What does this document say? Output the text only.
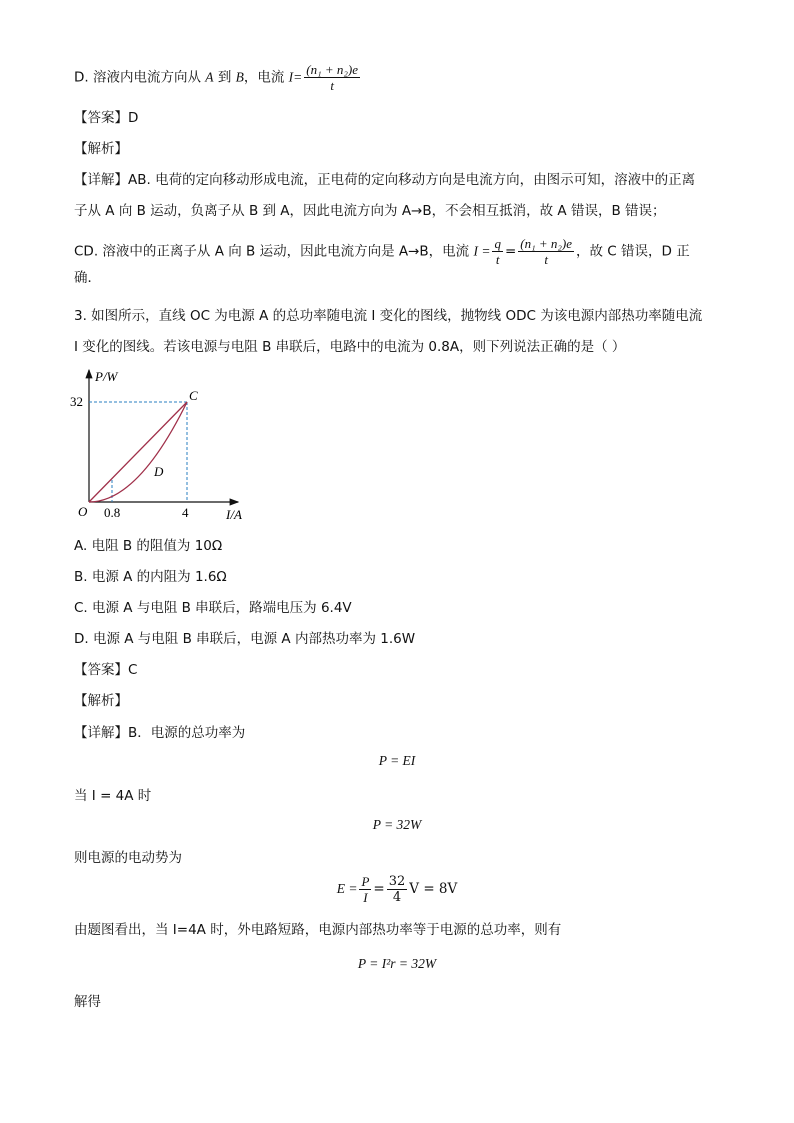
D. 溶液内电流方向从 A 到 B，电流 $I= \frac{\text{(n₁ + n₂)e}}{t}$
【答案】D
【解析】
【详解】AB. 电荷的定向移动形成电流，正电荷的定向移动方向是电流方向，由图示可知，溶液中的正离
子从 A 向 B 运动，负离子从 B 到 A，因此电流方向为 A→B，不会相互抵消，故 A 错误，B 错误；
CD. 溶液中的正离子从 A 向 B 运动，因此电流方向是 A→B，电流 $I = \frac{q}{t} = \frac{\text{(n₁ + n₂)e}}{t}$ ，故 C 错误，D 正
确．
3. 如图所示，直线 OC 为电源 A 的总功率随电流 I 变化的图线，抛物线 ODC 为该电源内部热功率随电流
I 变化的图线。若该电源与电阻 B 串联后，电路中的电流为 0.8A，则下列说法正确的是（ ）
P/W
I/A
O
32
0.8	4
C
D
A. 电阻 B 的阻值为 10Ω
B. 电源 A 的内阻为 1.6Ω
C. 电源 A 与电阻 B 串联后，路端电压为 6.4V
D. 电源 A 与电阻 B 串联后，电源 A 内部热功率为 1.6W
【答案】C
【解析】
【详解】B．电源的总功率为
P = EI
当 I = 4A 时
P = 32W
则电源的电动势为
$E = \frac{P}{I} = \frac{32}{4}$ V = 8V
由题图看出，当 I=4A 时，外电路短路，电源内部热功率等于电源的总功率，则有
P = I²r = 32W
解得
